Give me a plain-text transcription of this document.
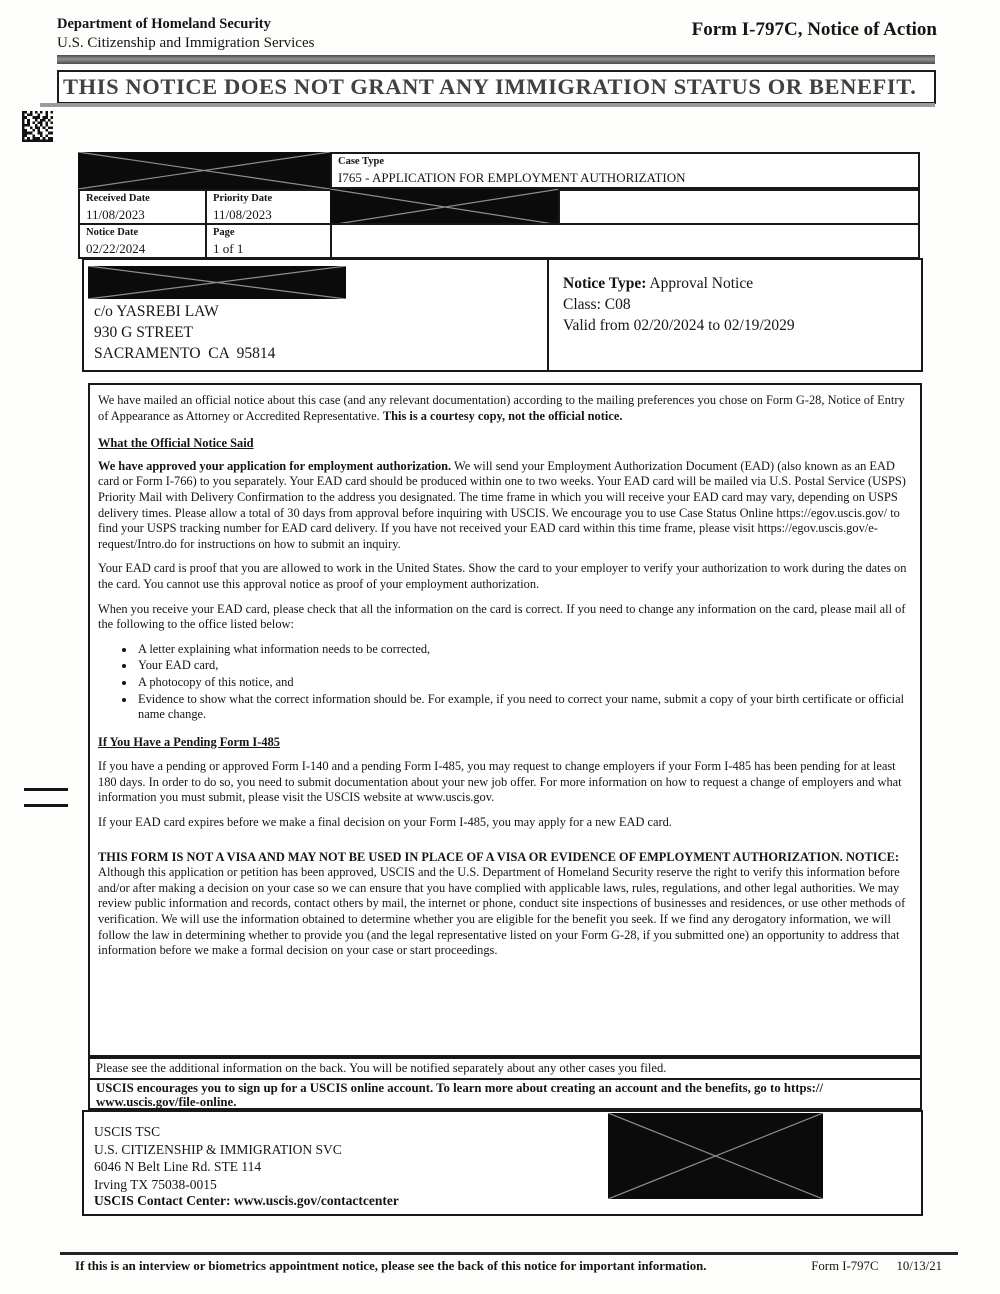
Department of Homeland Security
U.S. Citizenship and Immigration Services
Form I-797C, Notice of Action
THIS NOTICE DOES NOT GRANT ANY IMMIGRATION STATUS OR BENEFIT.
Case Type
I765 - APPLICATION FOR EMPLOYMENT AUTHORIZATION
Received Date
11/08/2023
Priority Date
11/08/2023
Notice Date
02/22/2024
Page
1 of 1
c/o YASREBI LAW
930 G STREET
SACRAMENTO  CA  95814
Notice Type: Approval Notice
Class: C08
Valid from 02/20/2024 to 02/19/2029

We have mailed an official notice about this case (and any relevant documentation) according to the mailing preferences you chose on Form G-28, Notice of Entry of Appearance as Attorney or Accredited Representative. This is a courtesy copy, not the official notice.

What the Official Notice Said

We have approved your application for employment authorization. We will send your Employment Authorization Document (EAD) (also known as an EAD card or Form I-766) to you separately. Your EAD card should be produced within one to two weeks. Your EAD card will be mailed via U.S. Postal Service (USPS) Priority Mail with Delivery Confirmation to the address you designated. The time frame in which you will receive your EAD card may vary, depending on USPS delivery times. Please allow a total of 30 days from approval before inquiring with USCIS. We encourage you to use Case Status Online https://egov.uscis.gov/ to find your USPS tracking number for EAD card delivery. If you have not received your EAD card within this time frame, please visit https://egov.uscis.gov/e-request/Intro.do for instructions on how to submit an inquiry.

Your EAD card is proof that you are allowed to work in the United States. Show the card to your employer to verify your authorization to work during the dates on the card. You cannot use this approval notice as proof of your employment authorization.

When you receive your EAD card, please check that all the information on the card is correct. If you need to change any information on the card, please mail all of the following to the office listed below:

• A letter explaining what information needs to be corrected,
• Your EAD card,
• A photocopy of this notice, and
• Evidence to show what the correct information should be. For example, if you need to correct your name, submit a copy of your birth certificate or official name change.
If You Have a Pending Form I-485

If you have a pending or approved Form I-140 and a pending Form I-485, you may request to change employers if your Form I-485 has been pending for at least 180 days. In order to do so, you need to submit documentation about your new job offer. For more information on how to request a change of employers and what information you must submit, please visit the USCIS website at www.uscis.gov.

If your EAD card expires before we make a final decision on your Form I-485, you may apply for a new EAD card.

THIS FORM IS NOT A VISA AND MAY NOT BE USED IN PLACE OF A VISA OR EVIDENCE OF EMPLOYMENT AUTHORIZATION. NOTICE: Although this application or petition has been approved, USCIS and the U.S. Department of Homeland Security reserve the right to verify this information before and/or after making a decision on your case so we can ensure that you have complied with applicable laws, rules, regulations, and other legal authorities. We may review public information and records, contact others by mail, the internet or phone, conduct site inspections of businesses and residences, or use other methods of verification. We will use the information obtained to determine whether you are eligible for the benefit you seek. If we find any derogatory information, we will follow the law in determining whether to provide you (and the legal representative listed on your Form G-28, if you submitted one) an opportunity to address that information before we make a formal decision on your case or start proceedings.

Please see the additional information on the back. You will be notified separately about any other cases you filed.
USCIS encourages you to sign up for a USCIS online account. To learn more about creating an account and the benefits, go to https://
www.uscis.gov/file-online.
USCIS TSC
U.S. CITIZENSHIP & IMMIGRATION SVC
6046 N Belt Line Rd. STE 114
Irving TX 75038-0015
USCIS Contact Center: www.uscis.gov/contactcenter
If this is an interview or biometrics appointment notice, please see the back of this notice for important information.	Form I-797C 10/13/21
